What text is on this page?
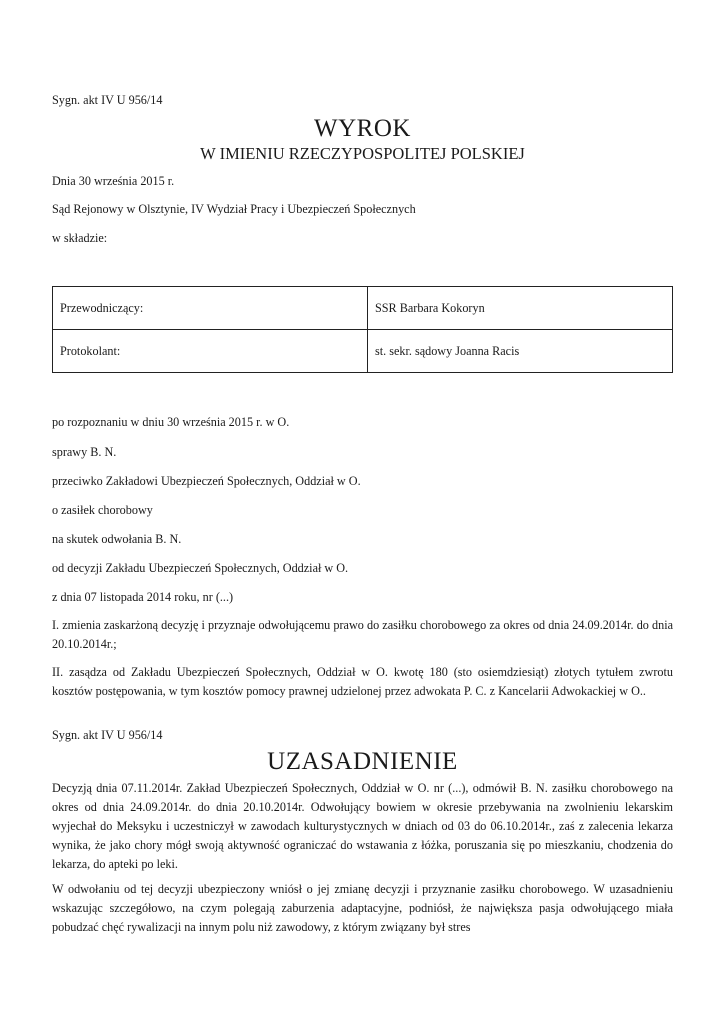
Sygn. akt IV U 956/14

WYROK
W IMIENIU RZECZYPOSPOLITEJ POLSKIEJ

Dnia 30 września 2015 r.

Sąd Rejonowy w Olsztynie, IV Wydział Pracy i Ubezpieczeń Społecznych

w składzie:

Przewodniczący:	SSR Barbara Kokoryn
Protokolant:	st. sekr. sądowy Joanna Racis

po rozpoznaniu w dniu 30 września 2015 r. w O.

sprawy B. N.

przeciwko Zakładowi Ubezpieczeń Społecznych, Oddział w O.

o zasiłek chorobowy

na skutek odwołania B. N.

od decyzji Zakładu Ubezpieczeń Społecznych, Oddział w O.

z dnia 07 listopada 2014 roku, nr (...)

I. zmienia zaskarżoną decyzję i przyznaje odwołującemu prawo do zasiłku chorobowego za okres od dnia 24.09.2014r. do dnia 20.10.2014r.;

II. zasądza od Zakładu Ubezpieczeń Społecznych, Oddział w O. kwotę 180 (sto osiemdziesiąt) złotych tytułem zwrotu kosztów postępowania, w tym kosztów pomocy prawnej udzielonej przez adwokata P. C. z Kancelarii Adwokackiej w O..

Sygn. akt IV U 956/14

UZASADNIENIE

Decyzją dnia 07.11.2014r. Zakład Ubezpieczeń Społecznych, Oddział w O. nr (...), odmówił B. N. zasiłku chorobowego na okres od dnia 24.09.2014r. do dnia 20.10.2014r. Odwołujący bowiem w okresie przebywania na zwolnieniu lekarskim wyjechał do Meksyku i uczestniczył w zawodach kulturystycznych w dniach od 03 do 06.10.2014r., zaś z zalecenia lekarza wynika, że jako chory mógł swoją aktywność ograniczać do wstawania z łóżka, poruszania się po mieszkaniu, chodzenia do lekarza, do apteki po leki.

W odwołaniu od tej decyzji ubezpieczony wniósł o jej zmianę decyzji i przyznanie zasiłku chorobowego. W uzasadnieniu wskazując szczegółowo, na czym polegają zaburzenia adaptacyjne, podniósł, że największa pasja odwołującego miała pobudzać chęć rywalizacji na innym polu niż zawodowy, z którym związany był stres
